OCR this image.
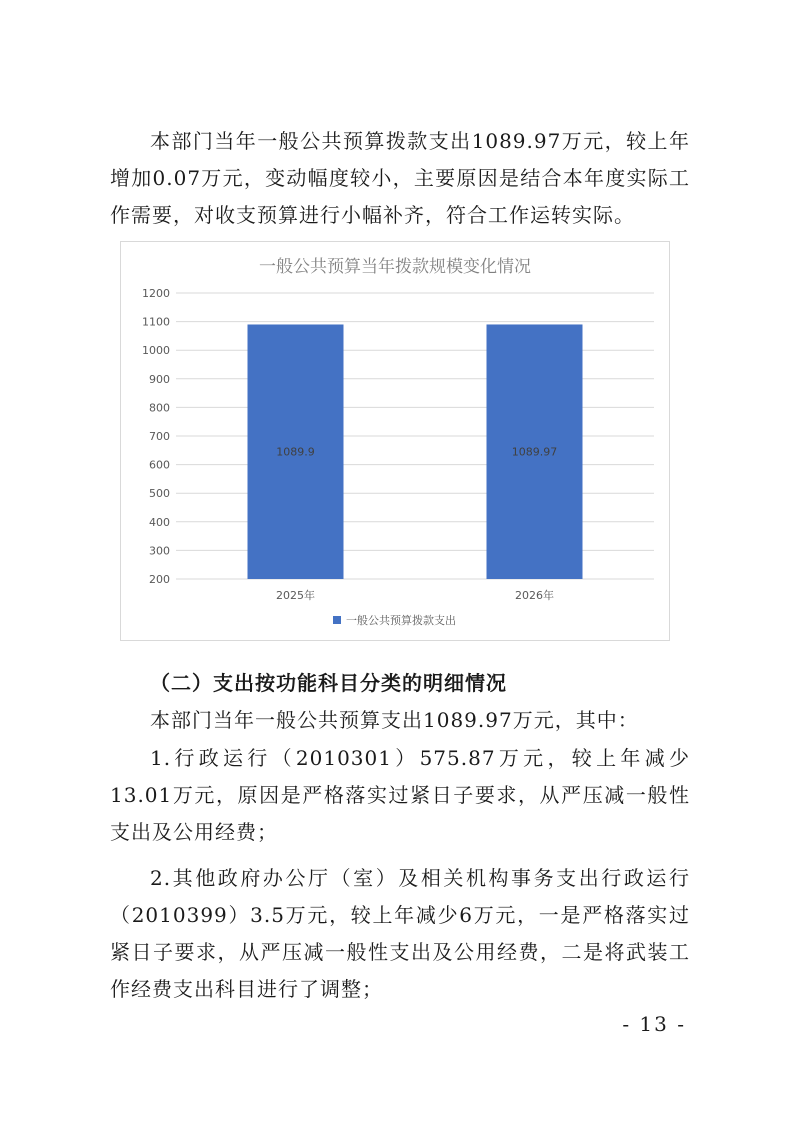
本部门当年一般公共预算拨款支出1089.97万元，较上年增加0.07万元，变动幅度较小，主要原因是结合本年度实际工作需要，对收支预算进行小幅补齐，符合工作运转实际。

一般公共预算当年拨款规模变化情况
200
300
400
500
600
700
800
900
1000
1100
1200
1089.9	1089.97
2025年	2026年
一般公共预算拨款支出

（二）支出按功能科目分类的明细情况

本部门当年一般公共预算支出1089.97万元，其中：

1.行政运行（2010301）575.87万元，较上年减少13.01万元，原因是严格落实过紧日子要求，从严压减一般性支出及公用经费；

2.其他政府办公厅（室）及相关机构事务支出行政运行（2010399）3.5万元，较上年减少6万元，一是严格落实过紧日子要求，从严压减一般性支出及公用经费，二是将武装工作经费支出科目进行了调整；

- 13 -
